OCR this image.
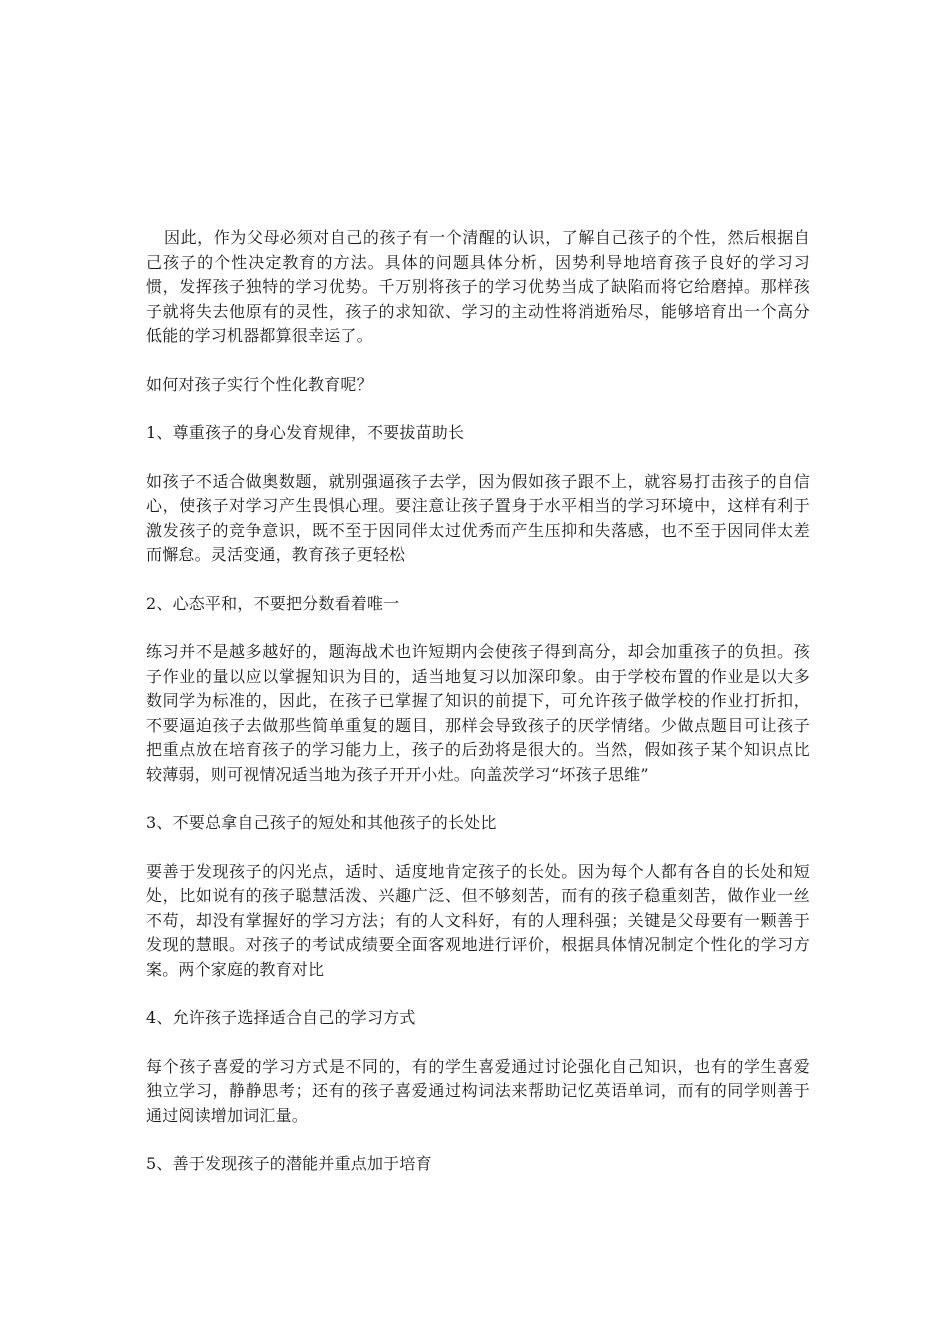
因此，作为父母必须对自己的孩子有一个清醒的认识，了解自己孩子的个性，然后根据自己孩子的个性决定教育的方法。具体的问题具体分析，因势利导地培育孩子良好的学习习惯，发挥孩子独特的学习优势。千万别将孩子的学习优势当成了缺陷而将它给磨掉。那样孩子就将失去他原有的灵性，孩子的求知欲、学习的主动性将消逝殆尽，能够培育出一个高分低能的学习机器都算很幸运了。

如何对孩子实行个性化教育呢？

1、尊重孩子的身心发育规律，不要拔苗助长

如孩子不适合做奥数题，就别强逼孩子去学，因为假如孩子跟不上，就容易打击孩子的自信心，使孩子对学习产生畏惧心理。要注意让孩子置身于水平相当的学习环境中，这样有利于激发孩子的竞争意识，既不至于因同伴太过优秀而产生压抑和失落感，也不至于因同伴太差而懈怠。灵活变通，教育孩子更轻松

2、心态平和，不要把分数看着唯一

练习并不是越多越好的，题海战术也许短期内会使孩子得到高分，却会加重孩子的负担。孩子作业的量以应以掌握知识为目的，适当地复习以加深印象。由于学校布置的作业是以大多数同学为标准的，因此，在孩子已掌握了知识的前提下，可允许孩子做学校的作业打折扣，不要逼迫孩子去做那些简单重复的题目，那样会导致孩子的厌学情绪。少做点题目可让孩子把重点放在培育孩子的学习能力上，孩子的后劲将是很大的。当然，假如孩子某个知识点比较薄弱，则可视情况适当地为孩子开开小灶。向盖茨学习“坏孩子思维”

3、不要总拿自己孩子的短处和其他孩子的长处比

要善于发现孩子的闪光点，适时、适度地肯定孩子的长处。因为每个人都有各自的长处和短处，比如说有的孩子聪慧活泼、兴趣广泛、但不够刻苦，而有的孩子稳重刻苦，做作业一丝不苟，却没有掌握好的学习方法；有的人文科好，有的人理科强；关键是父母要有一颗善于发现的慧眼。对孩子的考试成绩要全面客观地进行评价，根据具体情况制定个性化的学习方案。两个家庭的教育对比

4、允许孩子选择适合自己的学习方式

每个孩子喜爱的学习方式是不同的，有的学生喜爱通过讨论强化自己知识，也有的学生喜爱独立学习，静静思考；还有的孩子喜爱通过构词法来帮助记忆英语单词，而有的同学则善于通过阅读增加词汇量。

5、善于发现孩子的潜能并重点加于培育
